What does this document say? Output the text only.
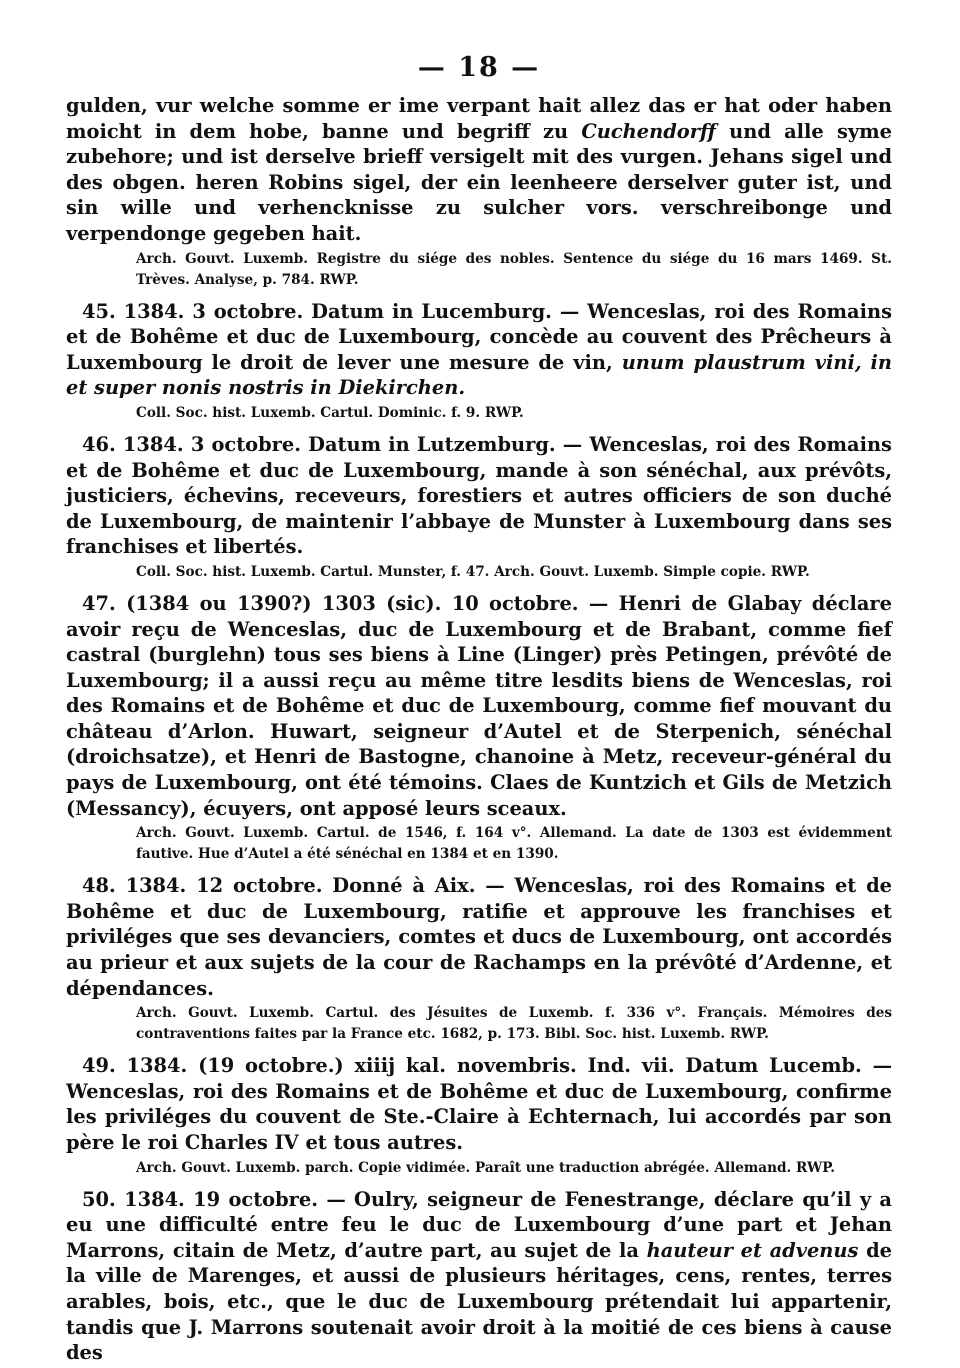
— 18 —

gulden, vur welche somme er ime verpant hait allez das er hat oder haben moicht in dem hobe, banne und begriff zu Cuchendorff und alle syme zubehore; und ist derselve brieff versigelt mit des vurgen. Jehans sigel und des obgen. heren Robins sigel, der ein leenheere derselver guter ist, und sin wille und verhencknisse zu sulcher vors. verschreibonge und verpendonge gegeben hait.

Arch. Gouvt. Luxemb. Registre du siége des nobles. Sentence du siége du 16 mars 1469. St. Trèves. Analyse, p. 784. RWP.

45. 1384. 3 octobre. Datum in Lucemburg. — Wenceslas, roi des Romains et de Bohême et duc de Luxembourg, concède au couvent des Prêcheurs à Luxembourg le droit de lever une mesure de vin, unum plaustrum vini, in et super nonis nostris in Diekirchen.

Coll. Soc. hist. Luxemb. Cartul. Dominic. f. 9. RWP.

46. 1384. 3 octobre. Datum in Lutzemburg. — Wenceslas, roi des Romains et de Bohême et duc de Luxembourg, mande à son sénéchal, aux prévôts, justiciers, échevins, receveurs, forestiers et autres officiers de son duché de Luxembourg, de maintenir l’abbaye de Munster à Luxembourg dans ses franchises et libertés.

Coll. Soc. hist. Luxemb. Cartul. Munster, f. 47. Arch. Gouvt. Luxemb. Simple copie. RWP.

47. (1384 ou 1390?) 1303 (sic). 10 octobre. — Henri de Glabay déclare avoir reçu de Wenceslas, duc de Luxembourg et de Brabant, comme fief castral (burglehn) tous ses biens à Line (Linger) près Petingen, prévôté de Luxembourg; il a aussi reçu au même titre lesdits biens de Wenceslas, roi des Romains et de Bohême et duc de Luxembourg, comme fief mouvant du château d’Arlon. Huwart, seigneur d’Autel et de Sterpenich, sénéchal (droichsatze), et Henri de Bastogne, chanoine à Metz, receveur-général du pays de Luxembourg, ont été témoins. Claes de Kuntzich et Gils de Metzich (Messancy), écuyers, ont apposé leurs sceaux.

Arch. Gouvt. Luxemb. Cartul. de 1546, f. 164 v°. Allemand. La date de 1303 est évidemment fautive. Hue d’Autel a été sénéchal en 1384 et en 1390.

48. 1384. 12 octobre. Donné à Aix. — Wenceslas, roi des Romains et de Bohême et duc de Luxembourg, ratifie et approuve les franchises et priviléges que ses devanciers, comtes et ducs de Luxembourg, ont accordés au prieur et aux sujets de la cour de Rachamps en la prévôté d’Ardenne, et dépendances.

Arch. Gouvt. Luxemb. Cartul. des Jésuites de Luxemb. f. 336 v°. Français. Mémoires des contraventions faites par la France etc. 1682, p. 173. Bibl. Soc. hist. Luxemb. RWP.

49. 1384. (19 octobre.) xiiij kal. novembris. Ind. vii. Datum Lucemb. — Wenceslas, roi des Romains et de Bohême et duc de Luxembourg, confirme les priviléges du couvent de Ste.-Claire à Echternach, lui accordés par son père le roi Charles IV et tous autres.

Arch. Gouvt. Luxemb. parch. Copie vidimée. Paraît une traduction abrégée. Allemand. RWP.

50. 1384. 19 octobre. — Oulry, seigneur de Fenestrange, déclare qu’il y a eu une difficulté entre feu le duc de Luxembourg d’une part et Jehan Marrons, citain de Metz, d’autre part, au sujet de la hauteur et advenus de la ville de Marenges, et aussi de plusieurs héritages, cens, rentes, terres arables, bois, etc., que le duc de Luxembourg prétendait lui appartenir, tandis que J. Marrons soutenait avoir droit à la moitié de ces biens à cause des
